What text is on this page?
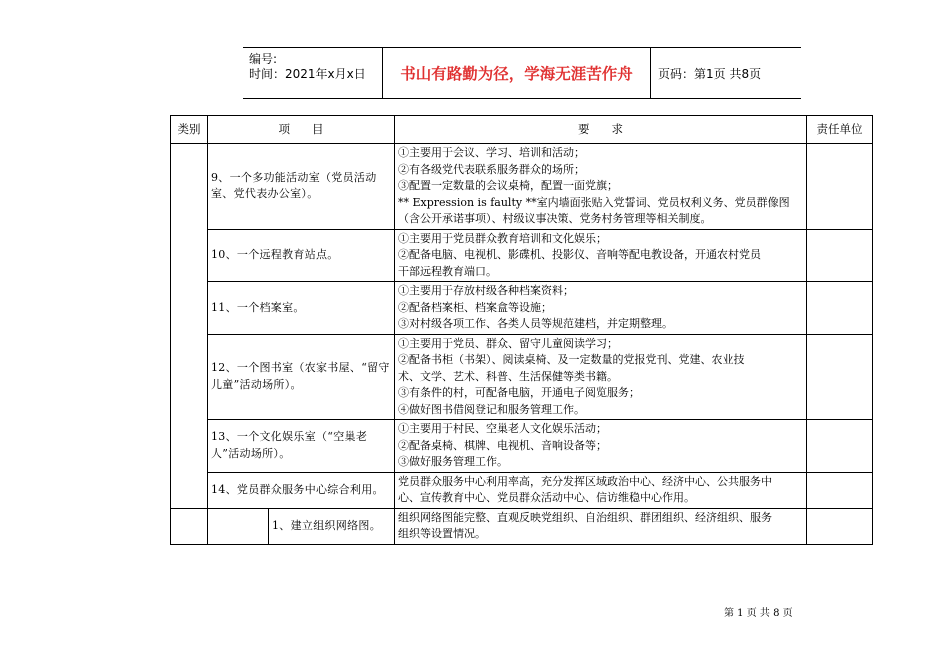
编号:
时间：2021年x月x日	书山有路勤为径，学海无涯苦作舟	页码：第1页 共8页
类别	项      目		要      求	责任单位
	9、一个多功能活动室（党员活动室、党代表办公室）。		①主要用于会议、学习、培训和活动；
②有各级党代表联系服务群众的场所；
③配置一定数量的会议桌椅，配置一面党旗；
** Expression is faulty **室内墙面张贴入党誓词、党员权利义务、党员群像图
（含公开承诺事项）、村级议事决策、党务村务管理等相关制度。	

	10、一个远程教育站点。		①主要用于党员群众教育培训和文化娱乐；
②配备电脑、电视机、影碟机、投影仪、音响等配电教设备，开通农村党员
干部远程教育端口。	

	11、一个档案室。		①主要用于存放村级各种档案资料；
②配备档案柜、档案盒等设施；
③对村级各项工作、各类人员等规范建档，并定期整理。	

	12、一个图书室（农家书屋、“留守儿童”活动场所）。		①主要用于党员、群众、留守儿童阅读学习；
②配备书柜（书架）、阅读桌椅、及一定数量的党报党刊、党建、农业技
术、文学、艺术、科普、生活保健等类书籍。
③有条件的村，可配备电脑，开通电子阅览服务；
④做好图书借阅登记和服务管理工作。	

	13、一个文化娱乐室（“空巢老人”活动场所）。		①主要用于村民、空巢老人文化娱乐活动；
②配备桌椅、棋牌、电视机、音响设备等；
③做好服务管理工作。	

	14、党员群众服务中心综合利用。		党员群众服务中心利用率高，充分发挥区域政治中心、经济中心、公共服务中
心、宣传教育中心、党员群众活动中心、信访维稳中心作用。	

		1、建立组织网络图。	组织网络图能完整、直观反映党组织、自治组织、群团组织、经济组织、服务
组织等设置情况。	

第 1 页 共 8 页
